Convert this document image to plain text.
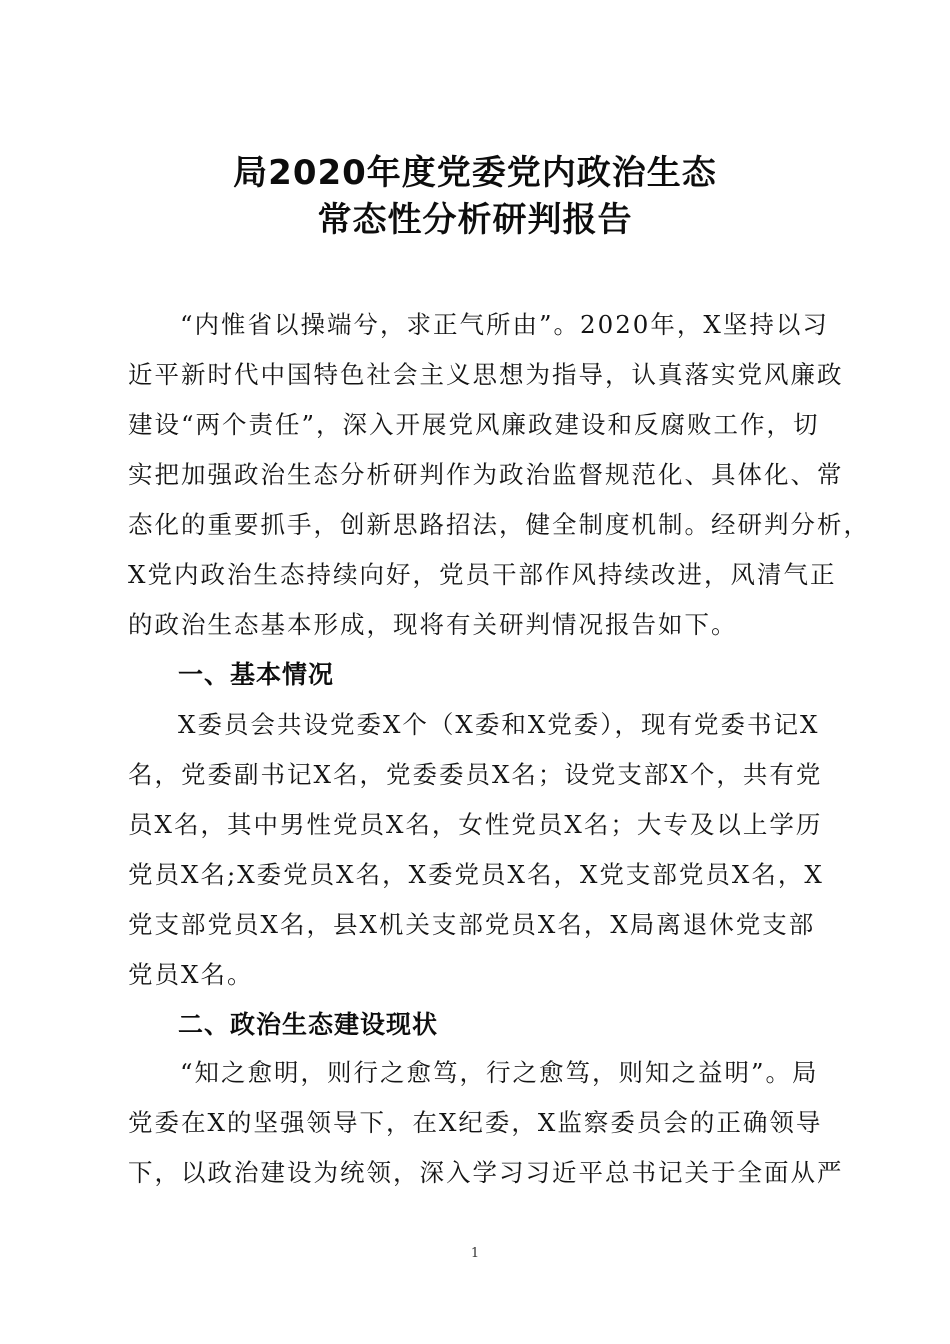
局2020年度党委党内政治生态
常态性分析研判报告
“内惟省以操端兮，求正气所由”。2020年，X坚持以习
近平新时代中国特色社会主义思想为指导，认真落实党风廉政
建设“两个责任”，深入开展党风廉政建设和反腐败工作，切
实把加强政治生态分析研判作为政治监督规范化、具体化、常
态化的重要抓手，创新思路招法，健全制度机制。经研判分析，
X党内政治生态持续向好，党员干部作风持续改进，风清气正
的政治生态基本形成，现将有关研判情况报告如下。
一、基本情况
X委员会共设党委X个（X委和X党委），现有党委书记X
名，党委副书记X名，党委委员X名；设党支部X个，共有党
员X名，其中男性党员X名，女性党员X名；大专及以上学历
党员X名;X委党员X名，X委党员X名，X党支部党员X名，X
党支部党员X名，县X机关支部党员X名，X局离退休党支部
党员X名。
二、政治生态建设现状
“知之愈明，则行之愈笃，行之愈笃，则知之益明”。局
党委在X的坚强领导下，在X纪委，X监察委员会的正确领导
下，以政治建设为统领，深入学习习近平总书记关于全面从严
1
